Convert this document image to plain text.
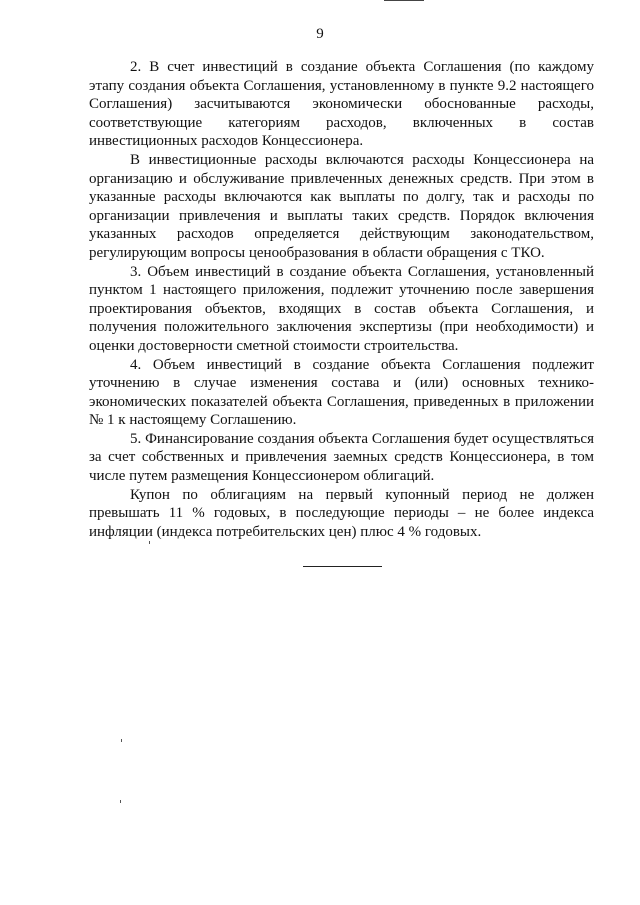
9

2. В счет инвестиций в создание объекта Соглашения (по каждому этапу создания объекта Соглашения, установленному в пункте 9.2 настоящего Соглашения) засчитываются экономически обоснованные расходы, соответствующие категориям расходов, включенных в состав инвестиционных расходов Концессионера.

В инвестиционные расходы включаются расходы Концессионера на организацию и обслуживание привлеченных денежных средств. При этом в указанные расходы включаются как выплаты по долгу, так и расходы по организации привлечения и выплаты таких средств. Порядок включения указанных расходов определяется действующим законодательством, регулирующим вопросы ценообразования в области обращения с ТКО.

3. Объем инвестиций в создание объекта Соглашения, установленный пунктом 1 настоящего приложения, подлежит уточнению после завершения проектирования объектов, входящих в состав объекта Соглашения, и получения положительного заключения экспертизы (при необходимости) и оценки достоверности сметной стоимости строительства.

4. Объем инвестиций в создание объекта Соглашения подлежит уточнению в случае изменения состава и (или) основных технико-экономических показателей объекта Соглашения, приведенных в приложении № 1 к настоящему Соглашению.

5. Финансирование создания объекта Соглашения будет осуществляться за счет собственных и привлечения заемных средств Концессионера, в том числе путем размещения Концессионером облигаций.

Купон по облигациям на первый купонный период не должен превышать 11 % годовых, в последующие периоды – не более индекса инфляции (индекса потребительских цен) плюс 4 % годовых.
